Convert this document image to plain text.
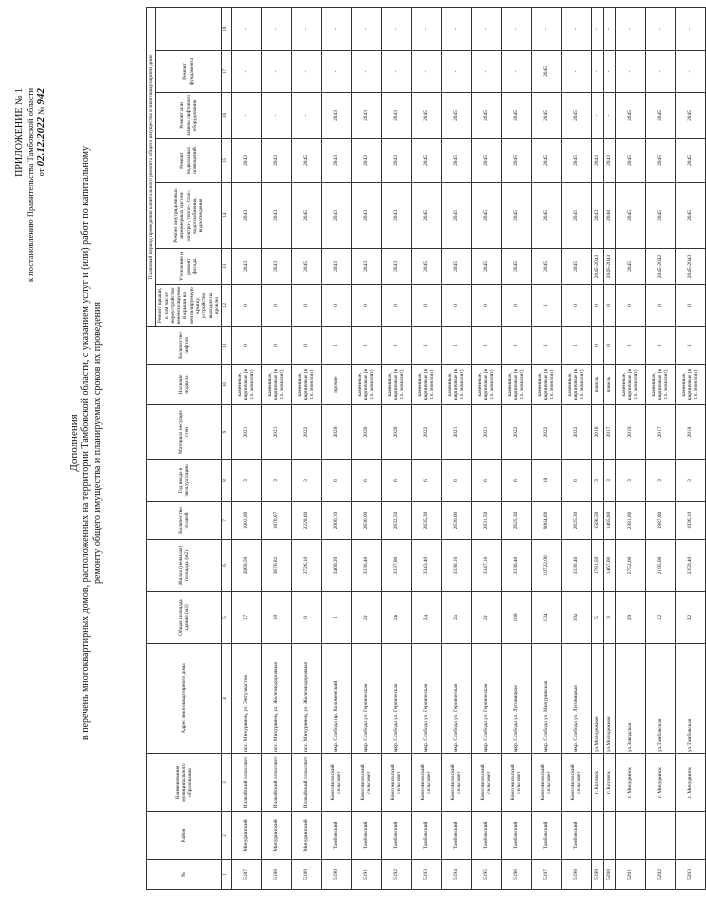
ПРИЛОЖЕНИЕ № 1 к постановлению Правительства Тамбовской области от 02.12.2022 № 942
Дополнения в перечень многоквартирных домов, расположенных на территории Тамбовской области, с указанием услуг и (или) работ по капитальному ремонту общего имущества и планируемых сроков их проведения
№	Район	Наименование муниципального образования	Адрес многоквартирного дома	Общая площадь здания (м2)	Жилая (нежилая) площадь (м2)	Количество этажей	Год ввода в эксплуатацию	Материал несущих стен	Наличие подвала	Количество лифтов	Плановый период проведения капитального ремонта общего имущества в многоквартирном доме						
											Ремонт крыши, в том числе переустройство невентилируемой крыши на вентилируемую крышу, устройство выходов на кровлю	Утепление и ремонт фасада	Ремонт внутридомовых инженерных систем электро-, тепло-, газо-, водоснабжения, водоотведения	Ремонт подвальных помещений	Ремонт или замена лифтового оборудования	Ремонт фундамента	
1	2	3	4	5	6	7	8	9	10	11	12	13	14	15	16	17	18
5187	Мичуринский	Иловайский сельсовет	пос. Мичуринец, ул. Энтузиастов	17	2069,50	1002,00	3	2021	каменные, кирпичные (в т.ч. монолит)	0	0	2043	2043	2043	-	-	-
5188	Мичуринский	Иловайский сельсовет	пос. Мичуринец, ул. Железнодорожная	10	3670,82	1870,67	3	2021	каменные, кирпичные (в т.ч. монолит)	0	0	2043	2043	2043	-	-	-
5189	Мичуринский	Иловайский сельсовет	пос. Мичуринец, ул. Железнодорожная	9	3726,10	2228,60	3	2022	каменные, кирпичные (в т.ч. монолит)	0	0	2045	2045	2045	-	-	-
5190	Тамбовский	Комсомольский сельсовет	мкр. Слобода пр. Коломенский	1	3469,20	2000,10	6	2020	прочие	1	0	2043	2043	2043	2043	-	-
5191	Тамбовский	Комсомольский сельсовет	мкр. Слобода ул. Героическая	2г	3330,40	2630,00	6	2020	каменные, кирпичные (в т.ч. монолит)	1	0	2043	2043	2043	2043	-	-
5192	Тамбовский	Комсомольский сельсовет	мкр. Слобода ул. Героическая	2в	3337,80	2632,50	6	2020	каменные, кирпичные (в т.ч. монолит)	1	0	2043	2043	2043	2043	-	-
5193	Тамбовский	Комсомольский сельсовет	мкр. Слобода ул. Героическая	2д	3343,40	2635,30	6	2022	каменные, кирпичные (в т.ч. монолит)	1	0	2045	2045	2045	2045	-	-
5194	Тамбовский	Комсомольский сельсовет	мкр. Слобода ул. Героическая	2а	3336,10	2630,00	6	2021	каменные, кирпичные (в т.ч. монолит)	1	0	2045	2045	2045	2045	-	-
5195	Тамбовский	Комсомольский сельсовет	мкр. Слобода ул. Героическая	2г	3347,10	2631,50	6	2021	каменные, кирпичные (в т.ч. монолит)	1	0	2045	2045	2045	2045	-	-
5196	Тамбовский	Комсомольский сельсовет	мкр. Слобода ул. Луговицкая	108	3330,40	2625,30	6	2022	каменные, кирпичные (в т.ч. монолит)	1	0	2045	2045	2045	2045	-	-
5197	Тамбовский	Комсомольский сельсовет	мкр. Слобода ул. Мичуринская	134	10722,00	9064,60	18	2022	каменные, кирпичные (в т.ч. монолит)	1	1	2045	2045	2045	2045	2045	-
5198	Тамбовский	Комсомольский сельсовет	мкр. Слобода ул. Луговицкая	10а	3330,40	2625,30	6	2022	каменные, кирпичные (в т.ч. монолит)	1	0	2045	2045	2045	2045	-	-
5199		г. Котовск	ул.Молодежная	5	1781,50	1566,50	3	2016	панель	0	0	2045-2043	2043	2043	-	-	-
5200		г. Котовск	ул.Молодежная	3	1467,60	1465,60	3	2017	панель	0	0	2045-2043	2048	2043	-	-	-
5201		г. Мичуринск	ул.Заводская	29	2752,00	2381,00	3	2019	каменные, кирпичные (в т.ч. монолит)	1	0	2045	2045	2045	2045	-	-
5202		г. Мичуринск	ул.Тамбовская	12	2195,00	1987,00	3	2017	каменные, кирпичные (в т.ч. монолит)	1	0	2045-2042	2045	2045	2045	-	-
5203		г. Мичуринск	ул.Тамбовская	32	2359,40	1936,10	3	2018	каменные, кирпичные (в т.ч. монолит)	1	0	2045-2043	2045	2045	2045	-	-
